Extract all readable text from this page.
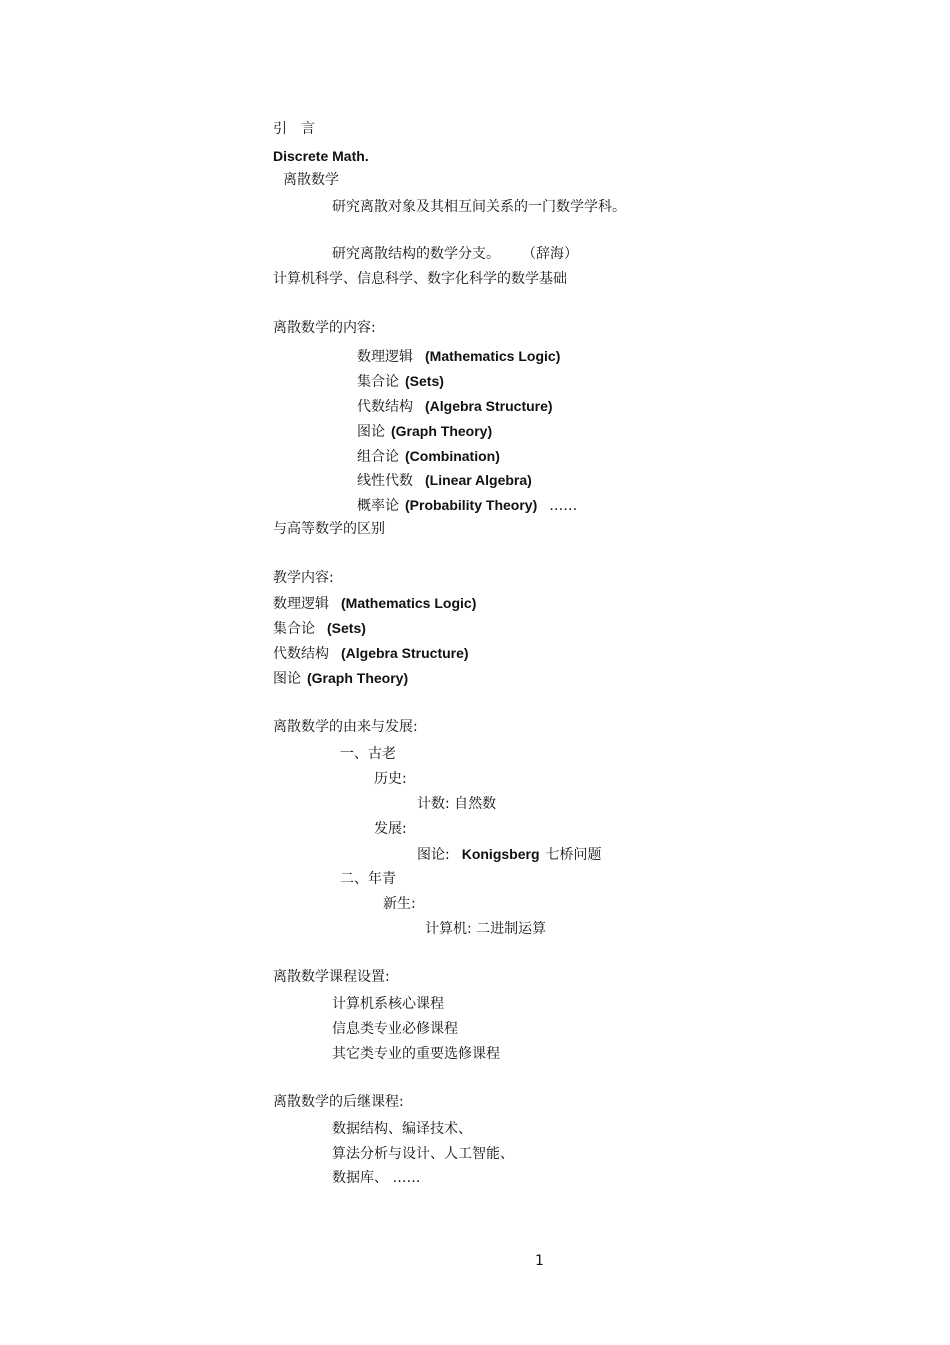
引　言
Discrete Math.
离散数学
研究离散对象及其相互间关系的一门数学学科。
研究离散结构的数学分支。 （辞海）
计算机科学、信息科学、数字化科学的数学基础
离散数学的内容:
数理逻辑 (Mathematics Logic)
集合论 (Sets)
代数结构 (Algebra Structure)
图论 (Graph Theory)
组合论 (Combination)
线性代数 (Linear Algebra)
概率论 (Probability Theory) ……
与高等数学的区别
教学内容:
数理逻辑 (Mathematics Logic)
集合论 (Sets)
代数结构 (Algebra Structure)
图论 (Graph Theory)
离散数学的由来与发展:
一、古老
历史:
计数: 自然数
发展:
图论: Konigsberg 七桥问题
二、年青
新生:
计算机: 二进制运算
离散数学课程设置:
计算机系核心课程
信息类专业必修课程
其它类专业的重要选修课程
离散数学的后继课程:
数据结构、编译技术、
算法分析与设计、人工智能、
数据库、 ……
1
